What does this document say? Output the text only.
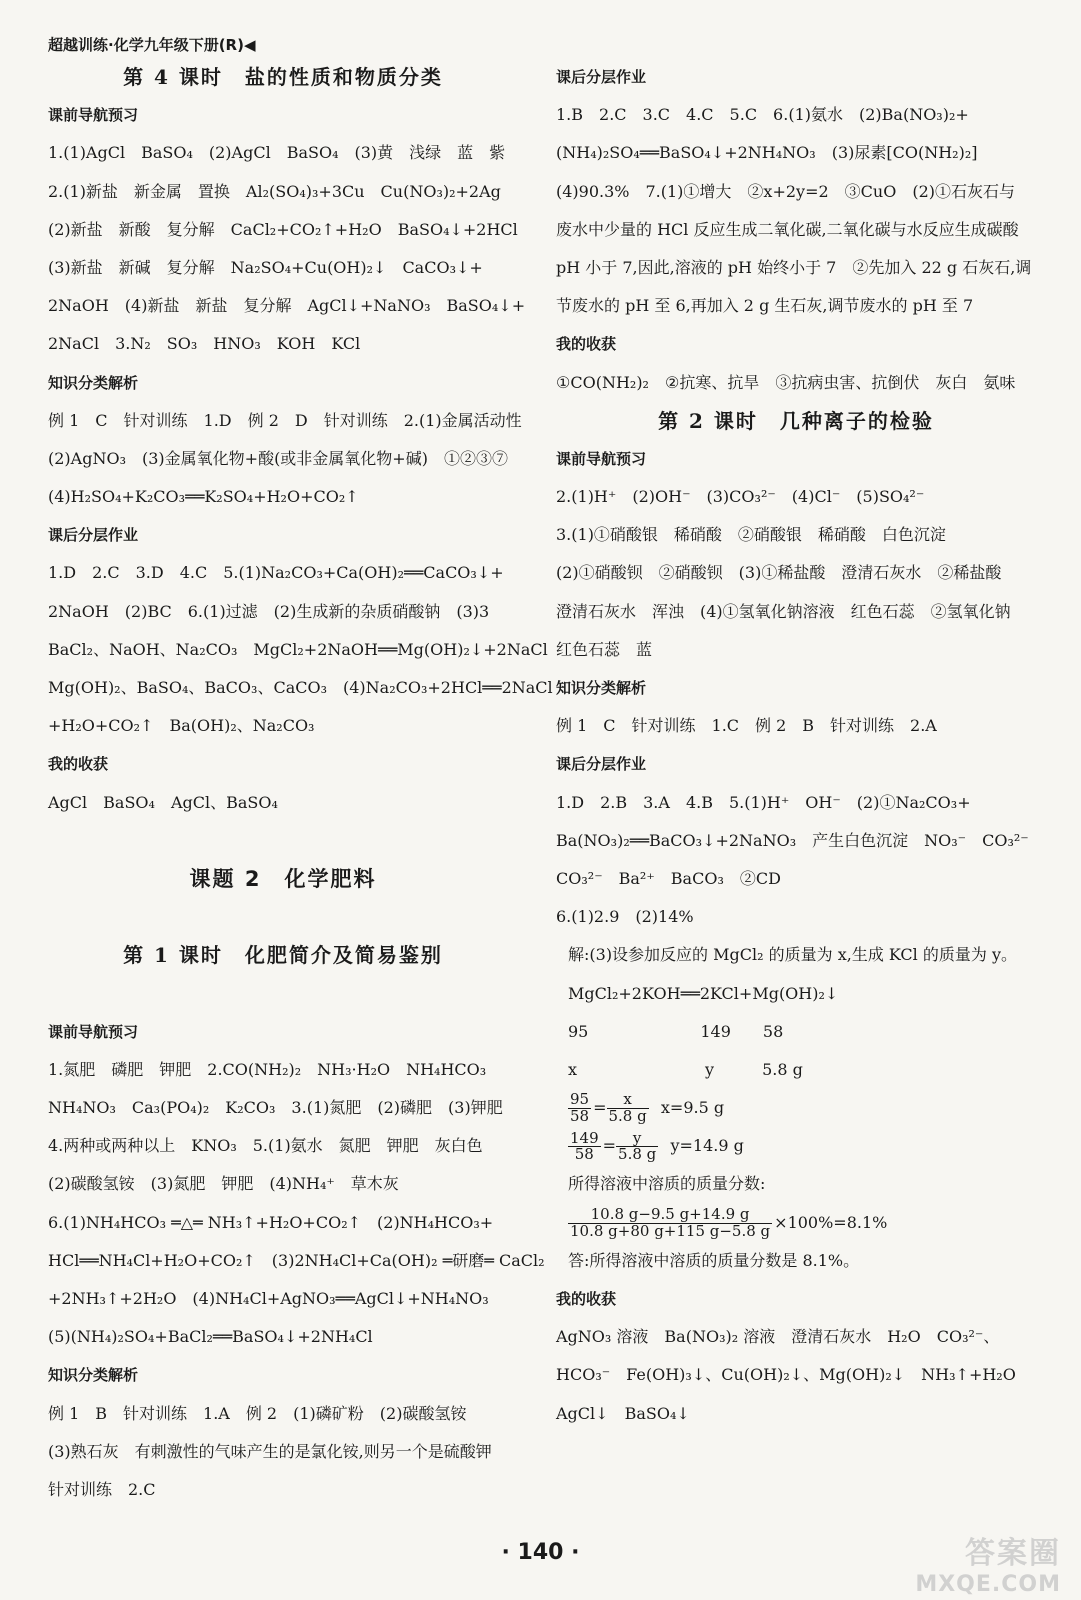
超越训练·化学九年级下册(R)◀
第 4 课时　盐的性质和物质分类
课前导航预习
1.(1)AgCl　BaSO₄　(2)AgCl　BaSO₄　(3)黄　浅绿　蓝　紫
2.(1)新盐　新金属　置换　Al₂(SO₄)₃+3Cu　Cu(NO₃)₂+2Ag
(2)新盐　新酸　复分解　CaCl₂+CO₂↑+H₂O　BaSO₄↓+2HCl
(3)新盐　新碱　复分解　Na₂SO₄+Cu(OH)₂↓　CaCO₃↓+
2NaOH　(4)新盐　新盐　复分解　AgCl↓+NaNO₃　BaSO₄↓+
2NaCl　3.N₂　SO₃　HNO₃　KOH　KCl
知识分类解析
例 1　C　针对训练　1.D　例 2　D　针对训练　2.(1)金属活动性
(2)AgNO₃　(3)金属氧化物+酸(或非金属氧化物+碱)　①②③⑦
(4)H₂SO₄+K₂CO₃══K₂SO₄+H₂O+CO₂↑
课后分层作业
1.D　2.C　3.D　4.C　5.(1)Na₂CO₃+Ca(OH)₂══CaCO₃↓+
2NaOH　(2)BC　6.(1)过滤　(2)生成新的杂质硝酸钠　(3)3
BaCl₂、NaOH、Na₂CO₃　MgCl₂+2NaOH══Mg(OH)₂↓+2NaCl
Mg(OH)₂、BaSO₄、BaCO₃、CaCO₃　(4)Na₂CO₃+2HCl══2NaCl
+H₂O+CO₂↑　Ba(OH)₂、Na₂CO₃
我的收获
AgCl　BaSO₄　AgCl、BaSO₄
课题 2　化学肥料
第 1 课时　化肥简介及简易鉴别
课前导航预习
1.氮肥　磷肥　钾肥　2.CO(NH₂)₂　NH₃·H₂O　NH₄HCO₃
NH₄NO₃　Ca₃(PO₄)₂　K₂CO₃　3.(1)氮肥　(2)磷肥　(3)钾肥
4.两种或两种以上　KNO₃　5.(1)氨水　氮肥　钾肥　灰白色
(2)碳酸氢铵　(3)氮肥　钾肥　(4)NH₄⁺　草木灰
6.(1)NH₄HCO₃ ═△═ NH₃↑+H₂O+CO₂↑　(2)NH₄HCO₃+
HCl══NH₄Cl+H₂O+CO₂↑　(3)2NH₄Cl+Ca(OH)₂ ═研磨═ CaCl₂
+2NH₃↑+2H₂O　(4)NH₄Cl+AgNO₃══AgCl↓+NH₄NO₃
(5)(NH₄)₂SO₄+BaCl₂══BaSO₄↓+2NH₄Cl
知识分类解析
例 1　B　针对训练　1.A　例 2　(1)磷矿粉　(2)碳酸氢铵
(3)熟石灰　有刺激性的气味产生的是氯化铵,则另一个是硫酸钾
针对训练　2.C
课后分层作业
1.B　2.C　3.C　4.C　5.C　6.(1)氨水　(2)Ba(NO₃)₂+
(NH₄)₂SO₄══BaSO₄↓+2NH₄NO₃　(3)尿素[CO(NH₂)₂]
(4)90.3%　7.(1)①增大　②x+2y=2　③CuO　(2)①石灰石与
废水中少量的 HCl 反应生成二氧化碳,二氧化碳与水反应生成碳酸
pH 小于 7,因此,溶液的 pH 始终小于 7　②先加入 22 g 石灰石,调
节废水的 pH 至 6,再加入 2 g 生石灰,调节废水的 pH 至 7
我的收获
①CO(NH₂)₂　②抗寒、抗旱　③抗病虫害、抗倒伏　灰白　氨味
第 2 课时　几种离子的检验
课前导航预习
2.(1)H⁺　(2)OH⁻　(3)CO₃²⁻　(4)Cl⁻　(5)SO₄²⁻
3.(1)①硝酸银　稀硝酸　②硝酸银　稀硝酸　白色沉淀
(2)①硝酸钡　②硝酸钡　(3)①稀盐酸　澄清石灰水　②稀盐酸
澄清石灰水　浑浊　(4)①氢氧化钠溶液　红色石蕊　②氢氧化钠
红色石蕊　蓝
知识分类解析
例 1　C　针对训练　1.C　例 2　B　针对训练　2.A
课后分层作业
1.D　2.B　3.A　4.B　5.(1)H⁺　OH⁻　(2)①Na₂CO₃+
Ba(NO₃)₂══BaCO₃↓+2NaNO₃　产生白色沉淀　NO₃⁻　CO₃²⁻
CO₃²⁻　Ba²⁺　BaCO₃　②CD
6.(1)2.9　(2)14%
解:(3)设参加反应的 MgCl₂ 的质量为 x,生成 KCl 的质量为 y。
MgCl₂+2KOH══2KCl+Mg(OH)₂↓
95　　　　　　　149　　58
x　　　　　　　　y　　　5.8 g
$\frac{95}{58} = \frac{x}{5.8 g} x=9.5$ g
$\frac{149}{58} = \frac{y}{5.8 g} y=14.9$ g
所得溶液中溶质的质量分数:
$\frac{10.8 g-9.5 g+14.9 g}{10.8 g+80 g+115 g-5.8 g} \times 100\%=8.1\%$
答:所得溶液中溶质的质量分数是 8.1%。
我的收获
AgNO₃ 溶液　Ba(NO₃)₂ 溶液　澄清石灰水　H₂O　CO₃²⁻、
HCO₃⁻　Fe(OH)₃↓、Cu(OH)₂↓、Mg(OH)₂↓　NH₃↑+H₂O
AgCl↓　BaSO₄↓
· 140 ·	答案圈
MXQE.COM
